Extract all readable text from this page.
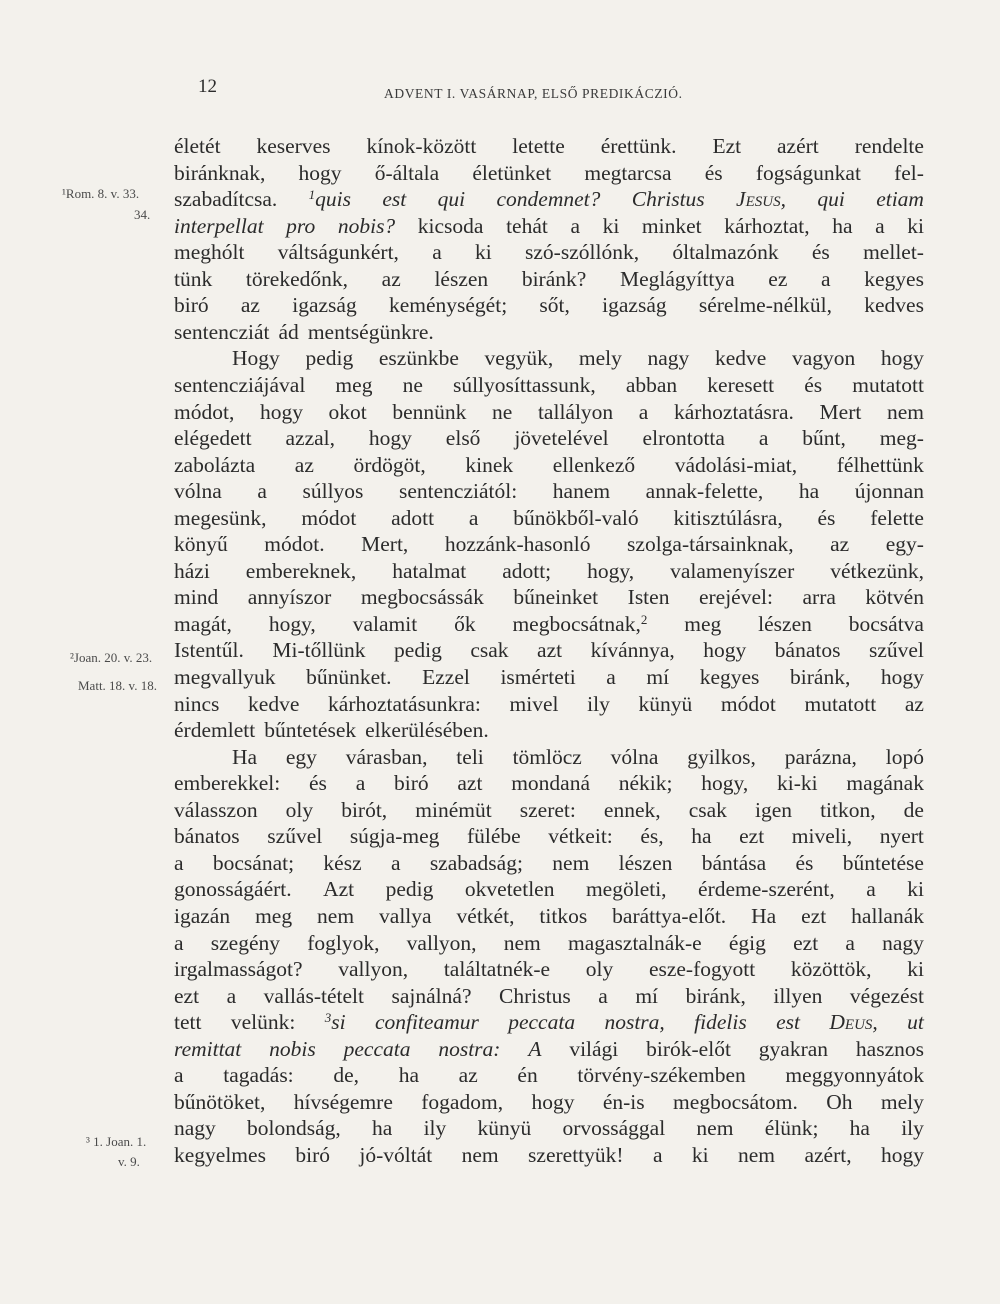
12	ADVENT I. VASÁRNAP, ELSŐ PREDIKÁCZIÓ.
¹Rom. 8. v. 33.
34.
²Joan. 20. v. 23.
Matt. 18. v. 18.
³ 1. Joan. 1.
v. 9.
életét keserves kínok-között letette érettünk. Ezt azért rendelte
biránknak, hogy ő-általa életünket megtarcsa és fogságunkat fel-
szabadítcsa. $^1$quis est qui condemnet? Christus Jesus, qui etiam
interpellat pro nobis? kicsoda tehát a ki minket kárhoztat, ha a ki
meghólt váltságunkért, a ki szó-szóllónk, óltalmazónk és mellet-
tünk törekedőnk, az lészen biránk? Meglágyíttya ez a kegyes
biró az igazság keménységét; sőt, igazság sérelme-nélkül, kedves
sentencziát ád mentségünkre.
Hogy pedig eszünkbe vegyük, mely nagy kedve vagyon hogy
sentencziájával meg ne súllyosíttassunk, abban keresett és mutatott
módot, hogy okot bennünk ne tallályon a kárhoztatásra. Mert nem
elégedett azzal, hogy első jövetelével elrontotta a bűnt, meg-
zabolázta az ördögöt, kinek ellenkező vádolási-miat, félhettünk
vólna a súllyos sentencziától: hanem annak-felette, ha újonnan
megesünk, módot adott a bűnökből-való kitisztúlásra, és felette
könyű módot. Mert, hozzánk-hasonló szolga-társainknak, az egy-
házi embereknek, hatalmat adott; hogy, valamenyíszer vétkezünk,
mind annyíszor megbocsássák bűneinket Isten erejével: arra kötvén
magát, hogy, valamit ők megbocsátnak,$^2$ meg lészen bocsátva
Istentűl. Mi-tőllünk pedig csak azt kívánnya, hogy bánatos szűvel
megvallyuk bűnünket. Ezzel ismérteti a mí kegyes biránk, hogy
nincs kedve kárhoztatásunkra: mivel ily künyü módot mutatott az
érdemlett bűntetések elkerülésében.
Ha egy várasban, teli tömlöcz vólna gyilkos, parázna, lopó
emberekkel: és a biró azt mondaná nékik; hogy, ki-ki magának
válasszon oly birót, minémüt szeret: ennek, csak igen titkon, de
bánatos szűvel súgja-meg fülébe vétkeit: és, ha ezt miveli, nyert
a bocsánat; kész a szabadság; nem lészen bántása és bűntetése
gonosságáért. Azt pedig okvetetlen megöleti, érdeme-szerént, a ki
igazán meg nem vallya vétkét, titkos baráttya-előt. Ha ezt hallanák
a szegény foglyok, vallyon, nem magasztalnák-e égig ezt a nagy
irgalmasságot? vallyon, találtatnék-e oly esze-fogyott közöttök, ki
ezt a vallás-tételt sajnálná? Christus a mí biránk, illyen végezést
tett velünk: $^3$si confiteamur peccata nostra, fidelis est Deus, ut
remittat nobis peccata nostra: A világi birók-előt gyakran hasznos
a tagadás: de, ha az én törvény-székemben meggyonnyátok
bűnötöket, hívségemre fogadom, hogy én-is megbocsátom. Oh mely
nagy bolondság, ha ily künyü orvossággal nem élünk; ha ily
kegyelmes biró jó-vóltát nem szerettyük! a ki nem azért, hogy
